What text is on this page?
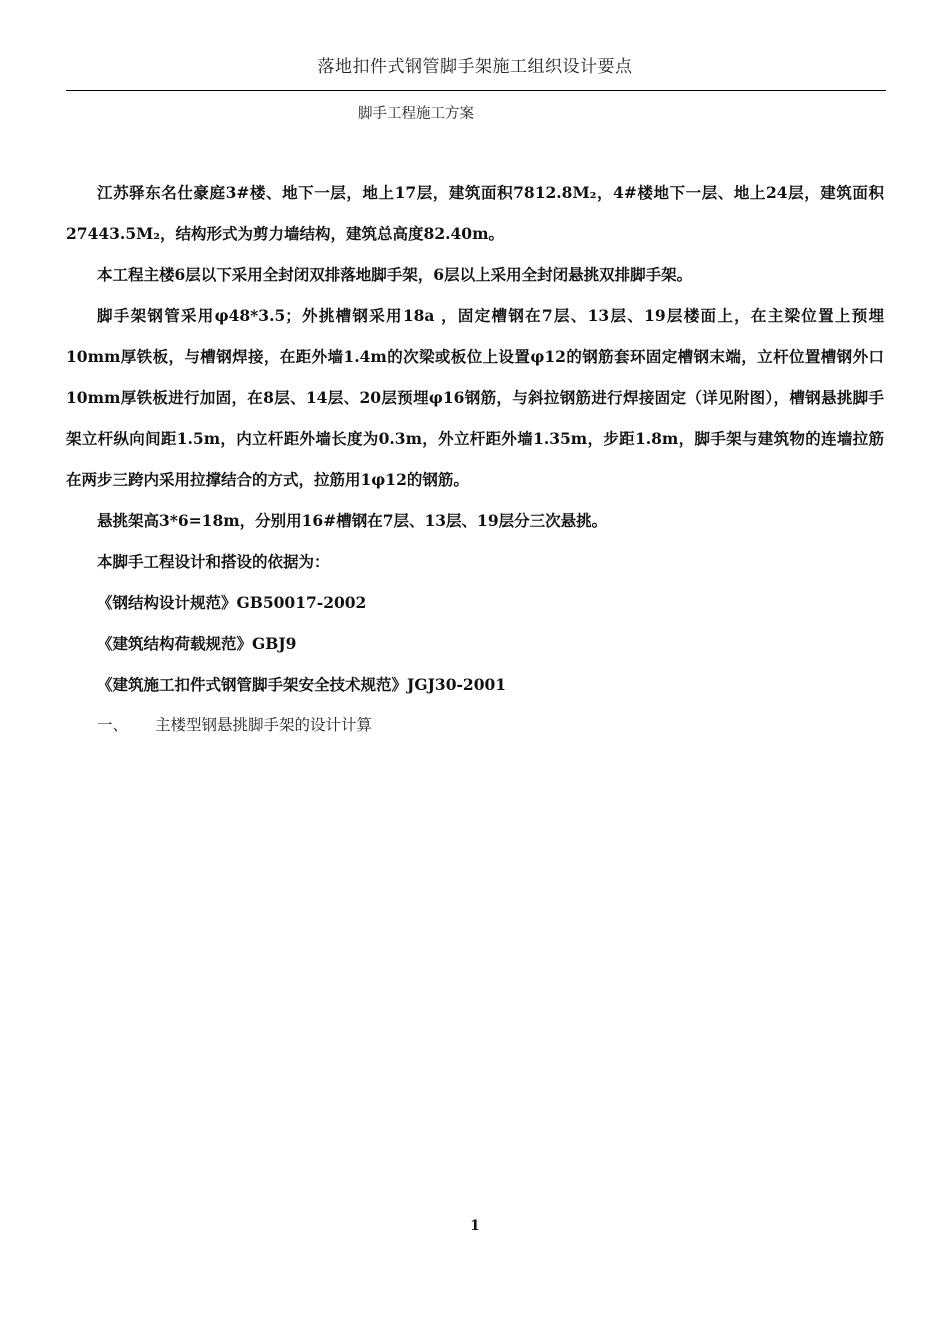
落地扣件式钢管脚手架施工组织设计要点
脚手工程施工方案

江苏驿东名仕豪庭3#楼、地下一层，地上17层，建筑面积7812.8M₂，4#楼地下一层、地上24层，建筑面积27443.5M₂，结构形式为剪力墙结构，建筑总高度82.40m。

本工程主楼6层以下采用全封闭双排落地脚手架，6层以上采用全封闭悬挑双排脚手架。

脚手架钢管采用φ48*3.5；外挑槽钢采用18a ，固定槽钢在7层、13层、19层楼面上，在主梁位置上预埋10mm厚铁板，与槽钢焊接，在距外墙1.4m的次梁或板位上设置φ12的钢筋套环固定槽钢末端，立杆位置槽钢外口10mm厚铁板进行加固，在8层、14层、20层预埋φ16钢筋，与斜拉钢筋进行焊接固定（详见附图），槽钢悬挑脚手架立杆纵向间距1.5m，内立杆距外墙长度为0.3m，外立杆距外墙1.35m，步距1.8m，脚手架与建筑物的连墙拉筋在两步三跨内采用拉撑结合的方式，拉筋用1φ12的钢筋。

悬挑架高3*6=18m，分别用16#槽钢在7层、13层、19层分三次悬挑。

本脚手工程设计和搭设的依据为：

《钢结构设计规范》GB50017-2002

《建筑结构荷载规范》GBJ9

《建筑施工扣件式钢管脚手架安全技术规范》JGJ30-2001

一、 主楼型钢悬挑脚手架的设计计算

1
